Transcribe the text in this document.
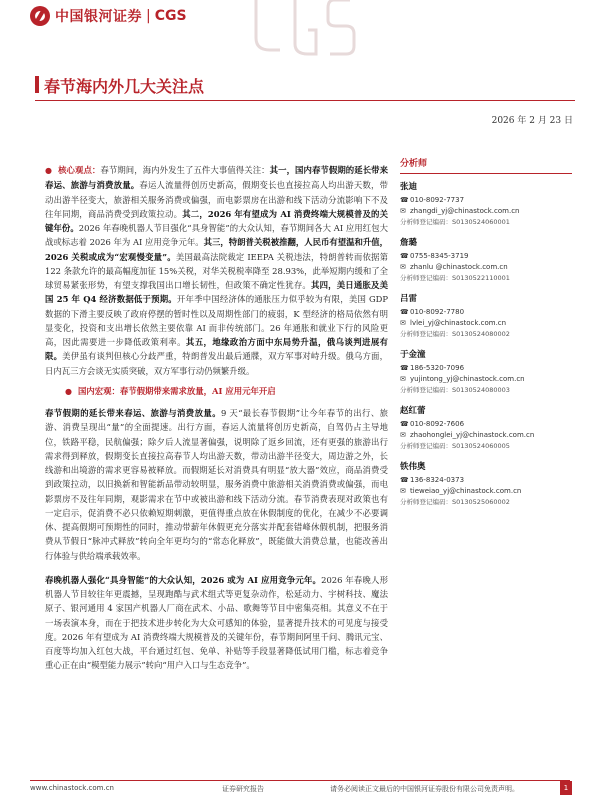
中国银河证券 | CGS
春节海内外几大关注点
2026 年 2 月 23 日

● 核心观点：春节期间，海内外发生了五件大事值得关注：其一，国内春节假期的延长带来春运、旅游与消费放量。春运人流量得创历史新高，假期变长也直接拉高人均出游天数，带动出游半径变大，旅游相关服务消费或偏强，而电影票房在出游和线下活动分流影响下不及往年同期，商品消费受到政策拉动。其二，2026 年有望成为 AI 消费终端大规模普及的关键年份。2026 年春晚机器人节目强化“具身智能”的大众认知，春节期间各大 AI 应用红包大战或标志着 2026 年为 AI 应用竞争元年。其三，特朗普关税被推翻，人民币有望温和升值，2026 关税或成为“宏观慢变量”。美国最高法院裁定 IEEPA 关税违法，特朗普转而依据第 122 条款允许的最高幅度加征 15%关税，对华关税税率降至 28.93%，此举短期内缓和了全球贸易紧张形势，有望支撑我国出口增长韧性，但政策不确定性犹存。其四，美日通胀及美国 25 年 Q4 经济数据低于预期。开年季中国经济体的通胀压力似乎较为有限，美国 GDP 数据的下滑主要反映了政府停摆的暂时性以及周期性部门的疲弱，K 型经济的格局依然有明显变化，投资和支出增长依然主要依靠 AI 而非传统部门。26 年通胀和就业下行的风险更高，因此需要进一步降低政策利率。其五，地缘政治方面中东局势升温，俄乌谈判进展有限。美伊虽有谈判但核心分歧严重，特朗普发出最后通牒，双方军事对峙升级。俄乌方面，日内瓦三方会谈无实质突破，双方军事行动仍频繁升级。

● 国内宏观：春节假期带来需求放量，AI 应用元年开启

春节假期的延长带来春运、旅游与消费放量。9 天“最长春节假期”让今年春节的出行、旅游、消费呈现出“量”的全面提速。出行方面，春运人流量将创历史新高，自驾仍占主导地位，铁路平稳，民航偏强；除夕后人流显著偏强，说明除了返乡回流，还有更强的旅游出行需求得到释放，假期变长直接拉高春节人均出游天数，带动出游半径变大，周边游之外，长线游和出境游的需求更容易被释放。而假期延长对消费具有明显“放大器”效应，商品消费受到政策拉动，以旧换新和智能新品带动较明显，服务消费中旅游相关消费消费或偏强，而电影票房不及往年同期，观影需求在节中或被出游和线下活动分流。春节消费表现对政策也有一定启示，促消费不必只依赖短期刺激，更值得重点放在休假制度的优化，在减少不必要调休、提高假期可预期性的同时，推动带薪年休假更充分落实并配套错峰休假机制，把服务消费从节假日“脉冲式释放”转向全年更均匀的“常态化释放”，既能做大消费总量，也能改善出行体验与供给端承载效率。

春晚机器人强化“具身智能”的大众认知，2026 或为 AI 应用竞争元年。2026 年春晚人形机器人节目较往年更震撼，呈现跑酷与武术组式等更复杂动作，松延动力、宇树科技、魔法原子、银河通用 4 家国产机器人厂商在武术、小品、歌舞等节目中密集亮相。其意义不在于一场表演本身，而在于把技术进步转化为大众可感知的体验，显著提升技术的可见度与接受度。2026 年有望成为 AI 消费终端大规模普及的关键年份，春节期间阿里千问、腾讯元宝、百度等均加入红包大战，平台通过红包、免单、补贴等手段显著降低试用门槛，标志着竞争重心正在由“模型能力展示”转向“用户入口与生态竞争”。

分析师
张迪
☎ 010-8092-7737
✉ zhangdi_yj@chinastock.com.cn
分析师登记编码：S0130524060001
詹璐
☎ 0755-8345-3719
✉ zhanlu @chinastock.com.cn
分析师登记编码：S0130522110001
吕雷
☎ 010-8092-7780
✉ lvlei_yj@chinastock.com.cn
分析师登记编码：S0130524080002
于金潼
☎ 186-5320-7096
✉ yujintong_yj@chinastock.com.cn
分析师登记编码：S0130524080003
赵红蕾
☎ 010-8092-7606
✉ zhaohonglei_yj@chinastock.com.cn
分析师登记编码：S0130524060005
铁伟奥
☎ 136-8324-0373
✉ tieweiao_yj@chinastock.com.cn
分析师登记编码：S0130525060002
www.chinastock.com.cn	证券研究报告	请务必阅读正文最后的中国银河证券股份有限公司免责声明。	1
